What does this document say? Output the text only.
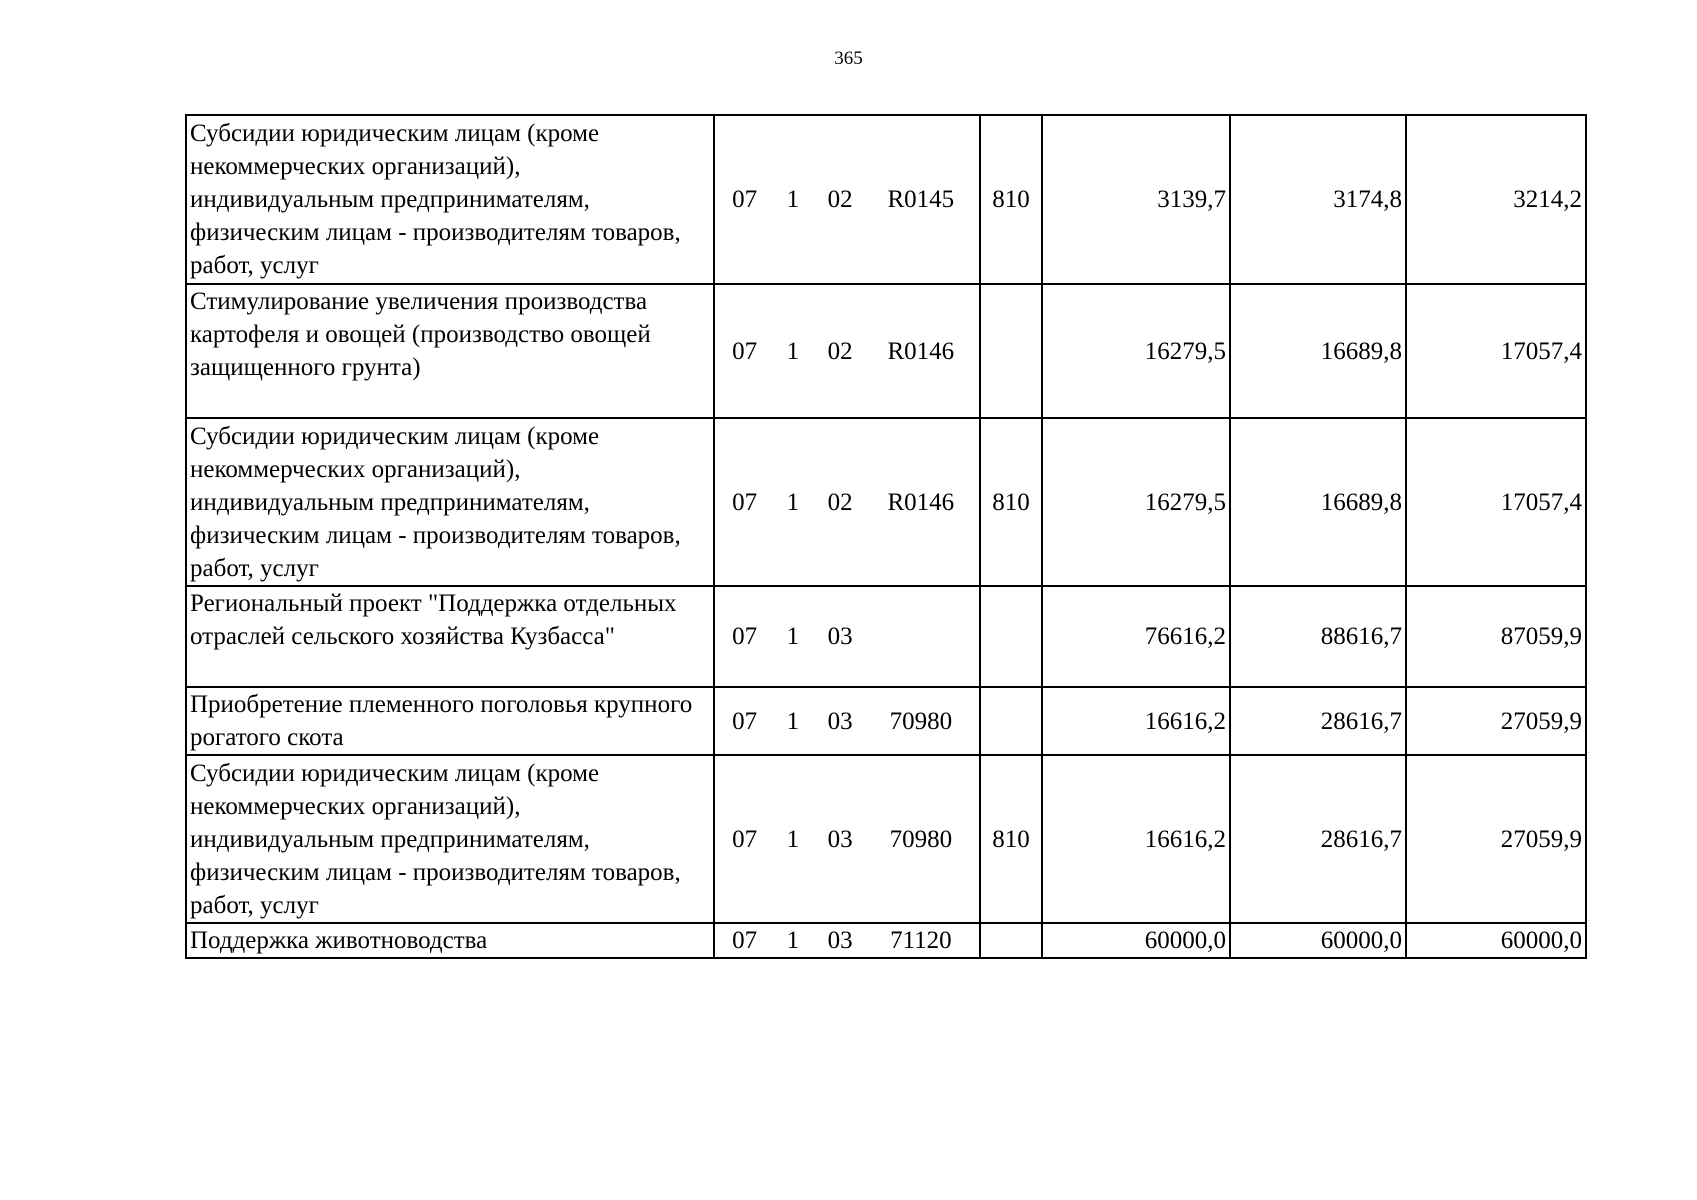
365
Субсидии юридическим лицам (кроме некоммерческих организаций), индивидуальным предпринимателям, физическим лицам - производителям товаров, работ, услуг	07 1 02 R0145	810	3139,7	3174,8	3214,2
Стимулирование увеличения производства картофеля и овощей (производство овощей защищенного грунта)	07 1 02 R0146		16279,5	16689,8	17057,4
Субсидии юридическим лицам (кроме некоммерческих организаций), индивидуальным предпринимателям, физическим лицам - производителям товаров, работ, услуг	07 1 02 R0146	810	16279,5	16689,8	17057,4
Региональный проект "Поддержка отдельных отраслей сельского хозяйства Кузбасса"	07 1 03		76616,2	88616,7	87059,9
Приобретение племенного поголовья крупного рогатого скота	07 1 03 70980		16616,2	28616,7	27059,9
Субсидии юридическим лицам (кроме некоммерческих организаций), индивидуальным предпринимателям, физическим лицам - производителям товаров, работ, услуг	07 1 03 70980	810	16616,2	28616,7	27059,9
Поддержка животноводства	07 1 03 71120		60000,0	60000,0	60000,0
